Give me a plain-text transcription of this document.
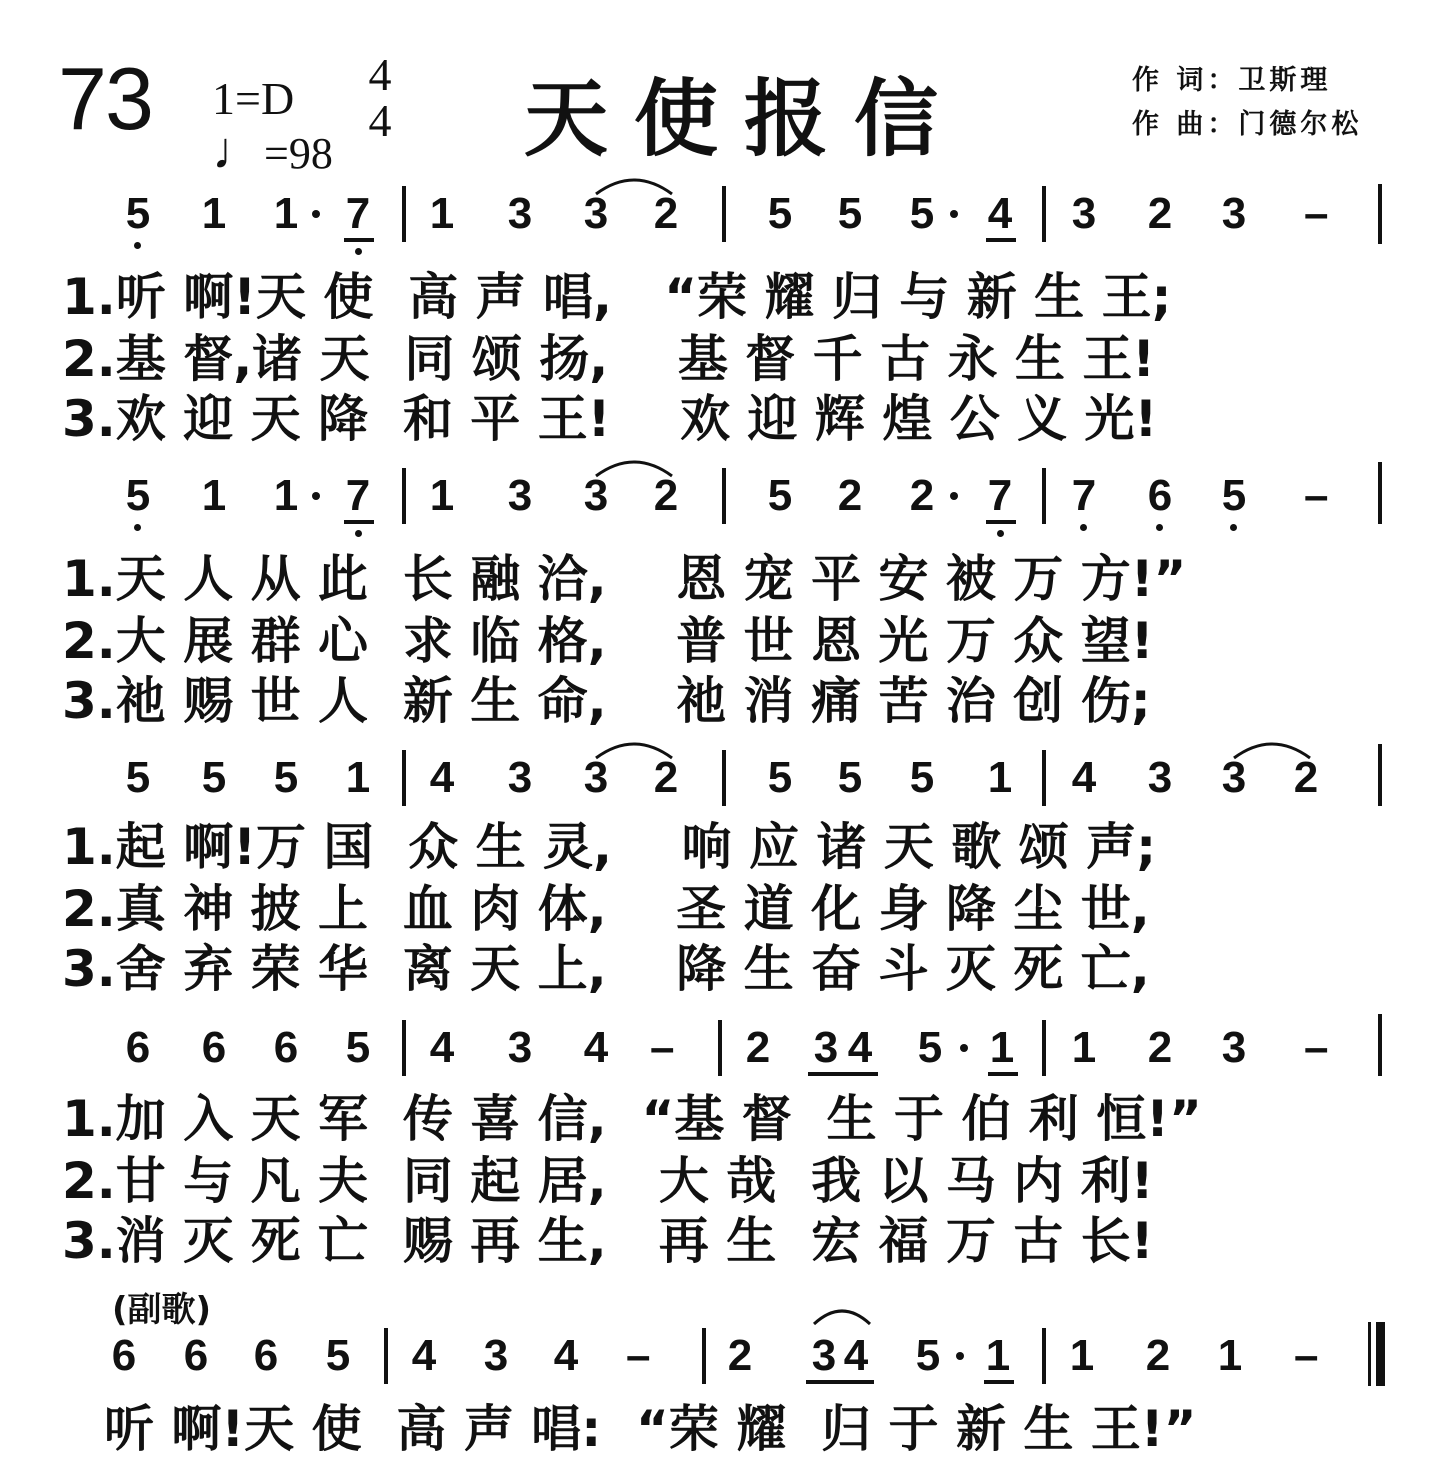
73 1=D
♩=98
4
4 天使报信	作 词：卫斯理
作 曲：门德尔松
5 1 1 7 1 3 3 2 5 5 5 4 3 2 3 –
1.听 啊!天 使  高 声 唱,   “荣 耀 归 与 新 生 王;
2.基 督,诸 天  同 颂 扬,    基 督 千 古 永 生 王!
3.欢 迎 天 降  和 平 王!    欢 迎 辉 煌 公 义 光!
5 1 1 7 1 3 3 2 5 2 2 7 7 6 5 –
1.天 人 从 此  长 融 洽,    恩 宠 平 安 被 万 方!”
2.大 展 群 心  求 临 格,    普 世 恩 光 万 众 望!
3.祂 赐 世 人  新 生 命,    祂 消 痛 苦 治 创 伤;
5 5 5 1 4 3 3 2 5 5 5 1 4 3 3 2
1.起 啊!万 国  众 生 灵,    响 应 诸 天 歌 颂 声;
2.真 神 披 上  血 肉 体,    圣 道 化 身 降 尘 世,
3.舍 弃 荣 华  离 天 上,    降 生 奋 斗 灭 死 亡,
6 6 6 5 4 3 4 – 2 3 4 5 1 1 2 3 –
1.加 入 天 军  传 喜 信,  “基 督  生 于 伯 利 恒!”
2.甘 与 凡 夫  同 起 居,   大 哉  我 以 马 内 利!
3.消 灭 死 亡  赐 再 生,   再 生  宏 福 万 古 长!
(副歌)
6 6 6 5 4 3 4 – 2 3 4 5 1 1 2 1 –
听 啊!天 使  高 声 唱:  “荣 耀  归 于 新 生 王!”
